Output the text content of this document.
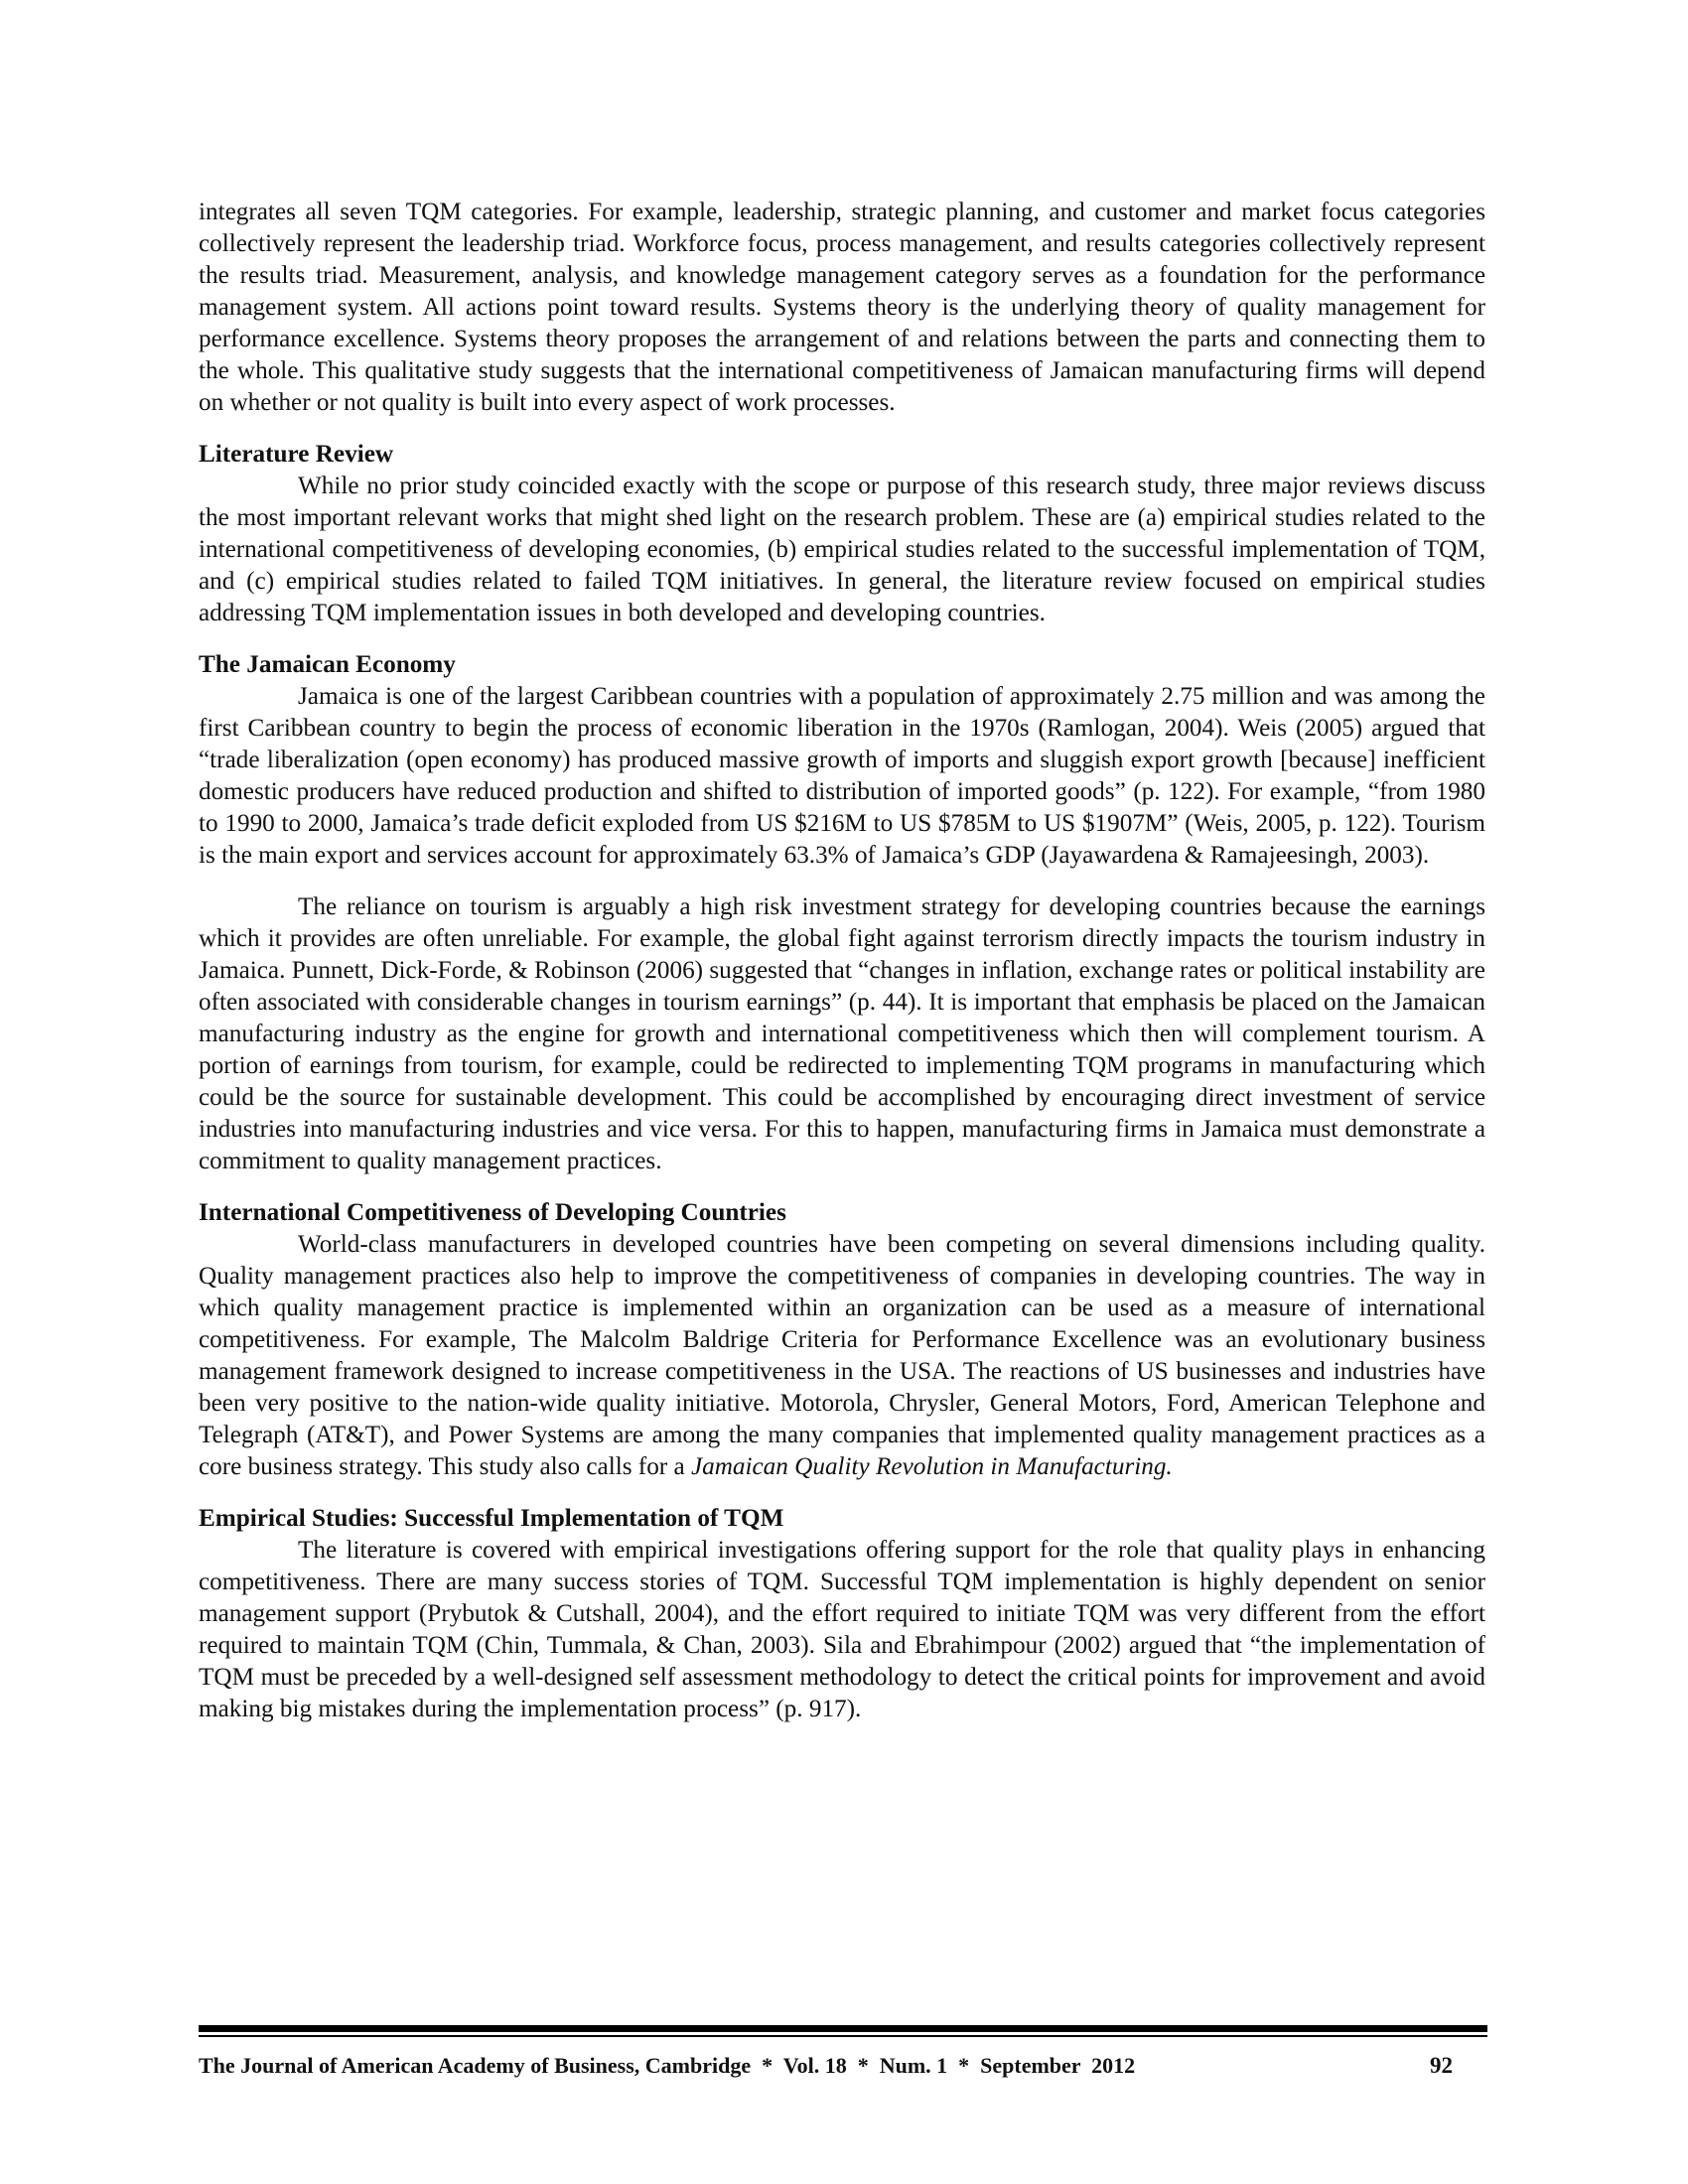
integrates all seven TQM categories. For example, leadership, strategic planning, and customer and market focus categories collectively represent the leadership triad. Workforce focus, process management, and results categories collectively represent the results triad. Measurement, analysis, and knowledge management category serves as a foundation for the performance management system. All actions point toward results. Systems theory is the underlying theory of quality management for performance excellence. Systems theory proposes the arrangement of and relations between the parts and connecting them to the whole. This qualitative study suggests that the international competitiveness of Jamaican manufacturing firms will depend on whether or not quality is built into every aspect of work processes.

Literature Review

While no prior study coincided exactly with the scope or purpose of this research study, three major reviews discuss the most important relevant works that might shed light on the research problem. These are (a) empirical studies related to the international competitiveness of developing economies, (b) empirical studies related to the successful implementation of TQM, and (c) empirical studies related to failed TQM initiatives. In general, the literature review focused on empirical studies addressing TQM implementation issues in both developed and developing countries.

The Jamaican Economy

Jamaica is one of the largest Caribbean countries with a population of approximately 2.75 million and was among the first Caribbean country to begin the process of economic liberation in the 1970s (Ramlogan, 2004). Weis (2005) argued that “trade liberalization (open economy) has produced massive growth of imports and sluggish export growth [because] inefficient domestic producers have reduced production and shifted to distribution of imported goods” (p. 122). For example, “from 1980 to 1990 to 2000, Jamaica’s trade deficit exploded from US $216M to US $785M to US $1907M” (Weis, 2005, p. 122). Tourism is the main export and services account for approximately 63.3% of Jamaica’s GDP (Jayawardena & Ramajeesingh, 2003).

The reliance on tourism is arguably a high risk investment strategy for developing countries because the earnings which it provides are often unreliable. For example, the global fight against terrorism directly impacts the tourism industry in Jamaica. Punnett, Dick-Forde, & Robinson (2006) suggested that “changes in inflation, exchange rates or political instability are often associated with considerable changes in tourism earnings” (p. 44). It is important that emphasis be placed on the Jamaican manufacturing industry as the engine for growth and international competitiveness which then will complement tourism. A portion of earnings from tourism, for example, could be redirected to implementing TQM programs in manufacturing which could be the source for sustainable development. This could be accomplished by encouraging direct investment of service industries into manufacturing industries and vice versa. For this to happen, manufacturing firms in Jamaica must demonstrate a commitment to quality management practices.

International Competitiveness of Developing Countries

World-class manufacturers in developed countries have been competing on several dimensions including quality. Quality management practices also help to improve the competitiveness of companies in developing countries. The way in which quality management practice is implemented within an organization can be used as a measure of international competitiveness. For example, The Malcolm Baldrige Criteria for Performance Excellence was an evolutionary business management framework designed to increase competitiveness in the USA. The reactions of US businesses and industries have been very positive to the nation-wide quality initiative. Motorola, Chrysler, General Motors, Ford, American Telephone and Telegraph (AT&T), and Power Systems are among the many companies that implemented quality management practices as a core business strategy. This study also calls for a Jamaican Quality Revolution in Manufacturing.

Empirical Studies: Successful Implementation of TQM

The literature is covered with empirical investigations offering support for the role that quality plays in enhancing competitiveness. There are many success stories of TQM. Successful TQM implementation is highly dependent on senior management support (Prybutok & Cutshall, 2004), and the effort required to initiate TQM was very different from the effort required to maintain TQM (Chin, Tummala, & Chan, 2003). Sila and Ebrahimpour (2002) argued that “the implementation of TQM must be preceded by a well-designed self assessment methodology to detect the critical points for improvement and avoid making big mistakes during the implementation process” (p. 917).

The Journal of American Academy of Business, Cambridge  *  Vol. 18  *  Num. 1  *  September  2012	92
